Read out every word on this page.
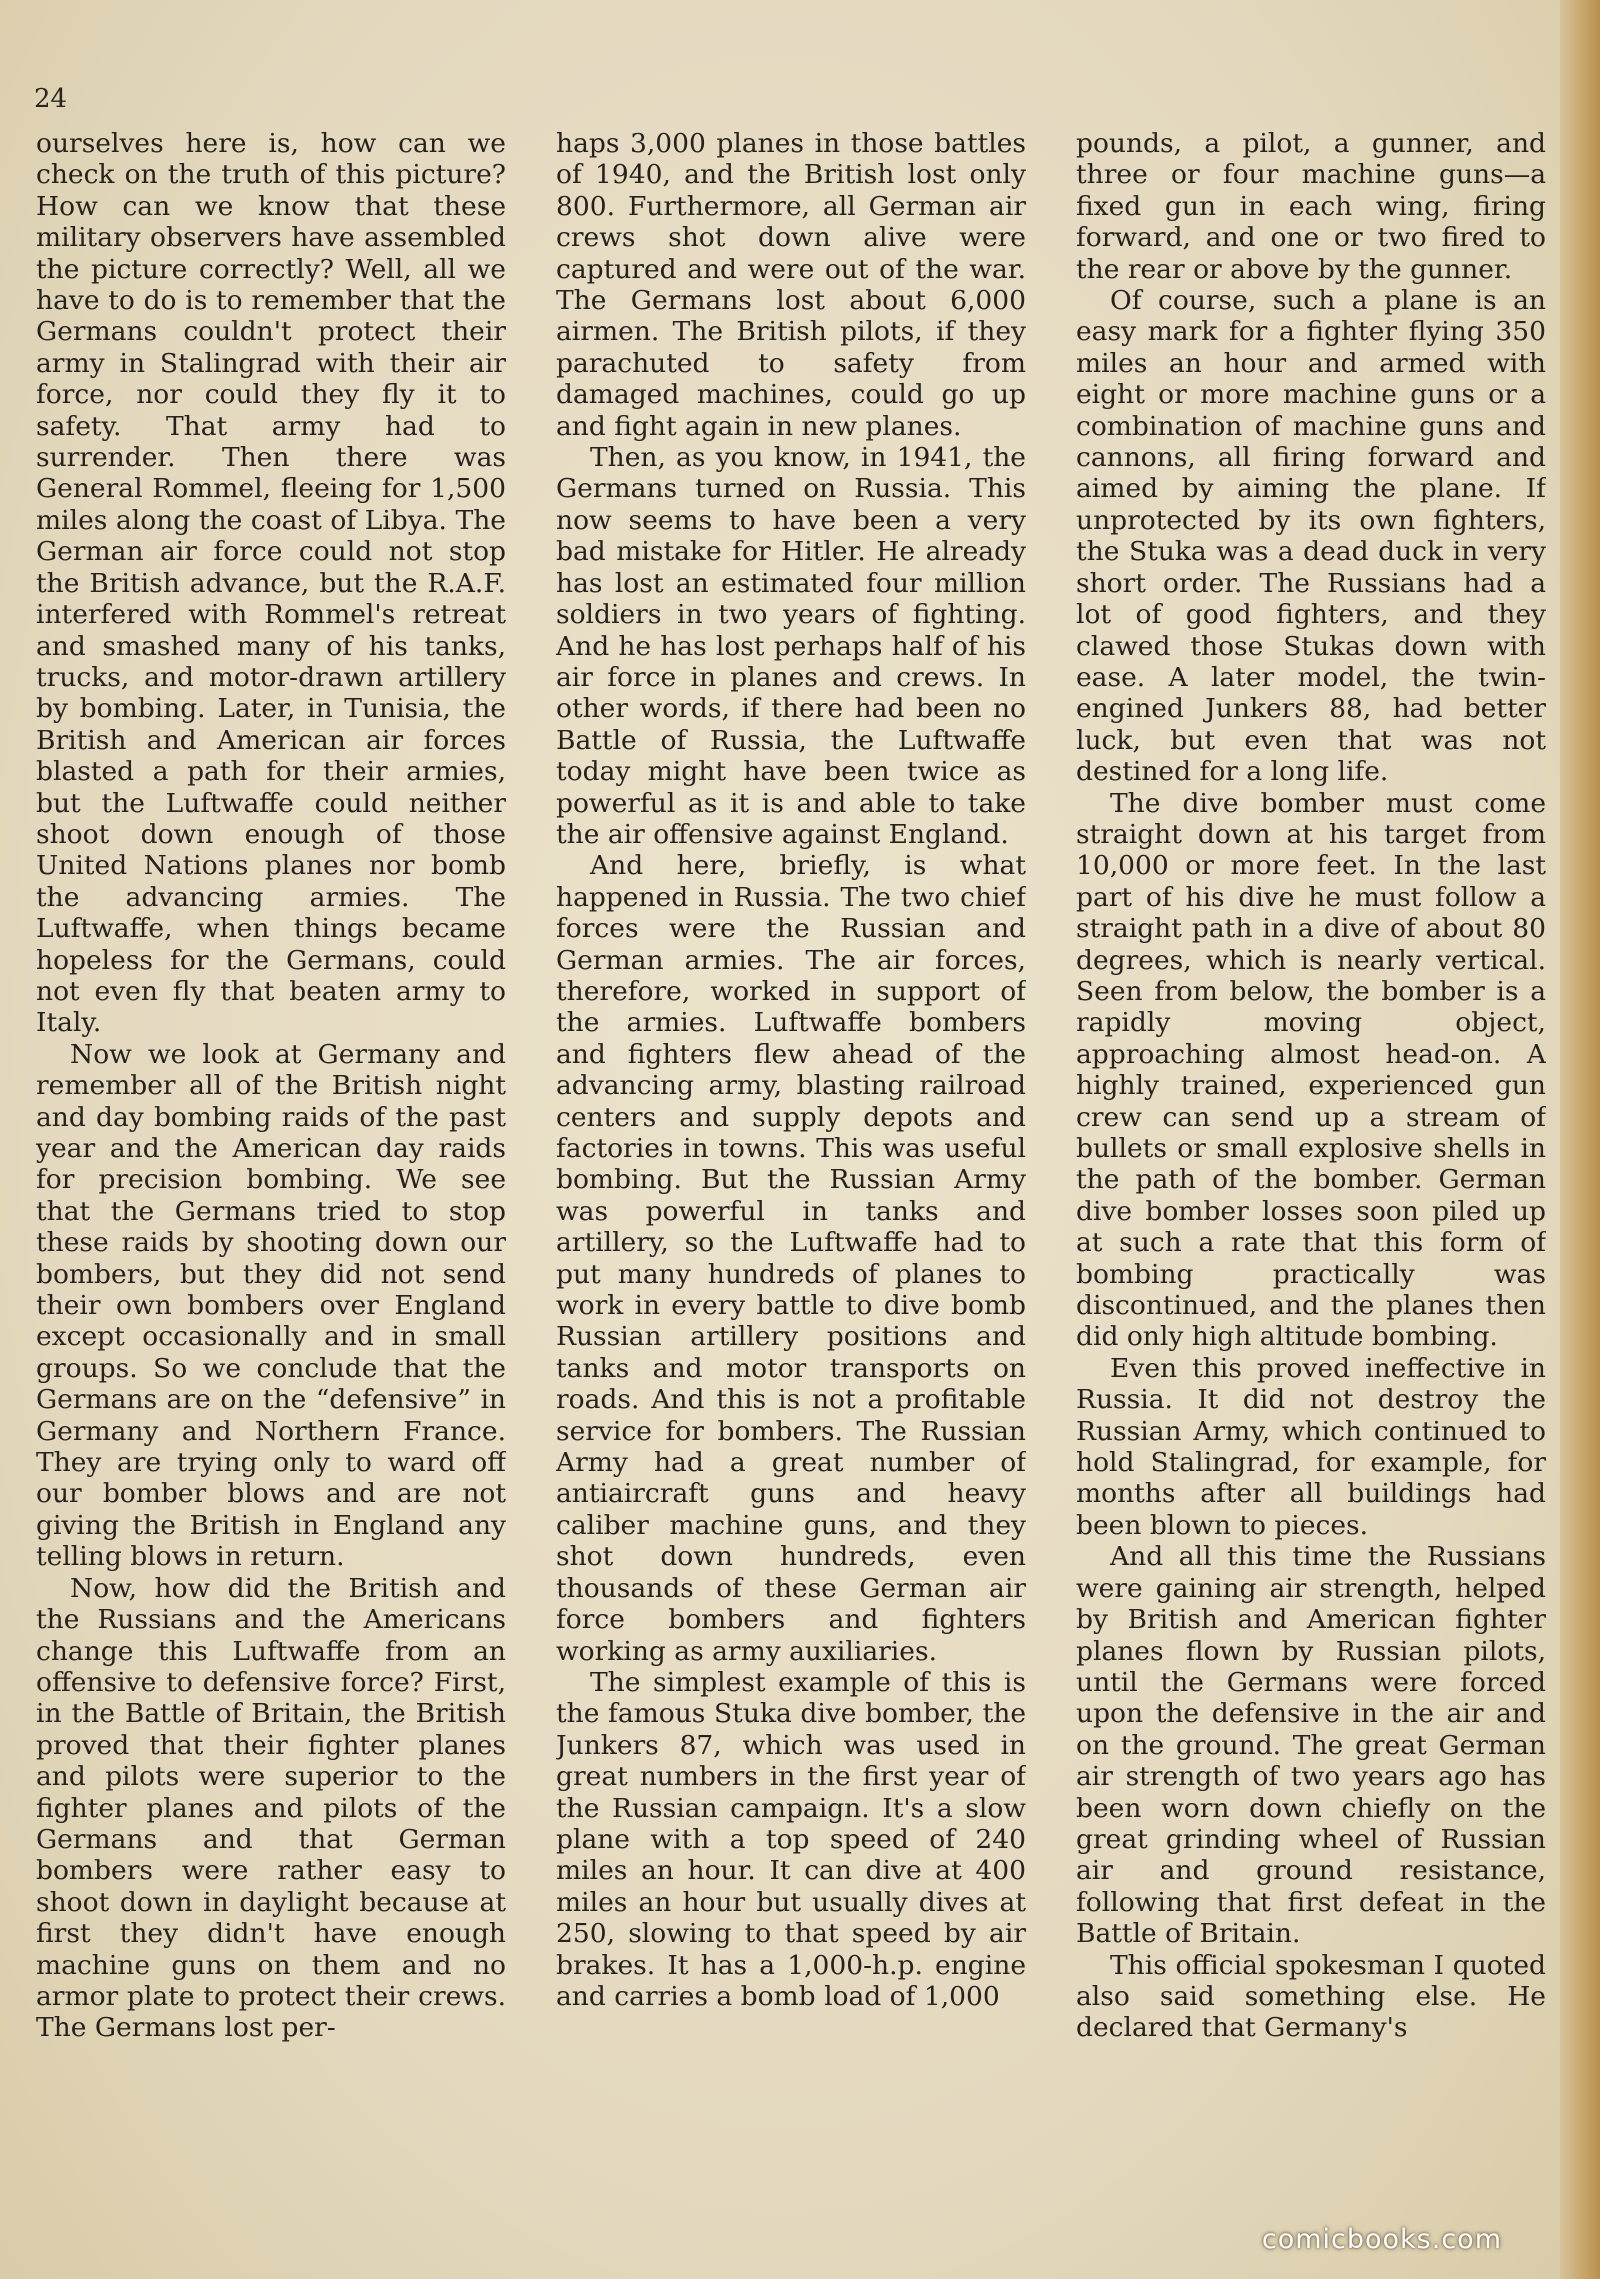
24

ourselves here is, how can we check on the truth of this picture? How can we know that these military observers have assembled the picture correctly? Well, all we have to do is to remember that the Germans couldn't protect their army in Stalingrad with their air force, nor could they fly it to safety. That army had to surrender. Then there was General Rommel, fleeing for 1,500 miles along the coast of Libya. The German air force could not stop the British advance, but the R.A.F. interfered with Rommel's retreat and smashed many of his tanks, trucks, and motor-drawn artillery by bombing. Later, in Tunisia, the British and American air forces blasted a path for their armies, but the Luftwaffe could neither shoot down enough of those United Nations planes nor bomb the advancing armies. The Luftwaffe, when things became hopeless for the Germans, could not even fly that beaten army to Italy.

Now we look at Germany and remember all of the British night and day bombing raids of the past year and the American day raids for precision bombing. We see that the Germans tried to stop these raids by shooting down our bombers, but they did not send their own bombers over England except occasionally and in small groups. So we conclude that the Germans are on the “defensive” in Germany and Northern France. They are trying only to ward off our bomber blows and are not giving the British in England any telling blows in return.

Now, how did the British and the Russians and the Americans change this Luftwaffe from an offensive to defensive force? First, in the Battle of Britain, the British proved that their fighter planes and pilots were superior to the fighter planes and pilots of the Germans and that German bombers were rather easy to shoot down in daylight because at first they didn't have enough machine guns on them and no armor plate to protect their crews. The Germans lost per-

haps 3,000 planes in those battles of 1940, and the British lost only 800. Furthermore, all German air crews shot down alive were captured and were out of the war. The Germans lost about 6,000 airmen. The British pilots, if they parachuted to safety from damaged machines, could go up and fight again in new planes.

Then, as you know, in 1941, the Germans turned on Russia. This now seems to have been a very bad mistake for Hitler. He already has lost an estimated four million soldiers in two years of fighting. And he has lost perhaps half of his air force in planes and crews. In other words, if there had been no Battle of Russia, the Luftwaffe today might have been twice as powerful as it is and able to take the air offensive against England.

And here, briefly, is what happened in Russia. The two chief forces were the Russian and German armies. The air forces, therefore, worked in support of the armies. Luftwaffe bombers and fighters flew ahead of the advancing army, blasting railroad centers and supply depots and factories in towns. This was useful bombing. But the Russian Army was powerful in tanks and artillery, so the Luftwaffe had to put many hundreds of planes to work in every battle to dive bomb Russian artillery positions and tanks and motor transports on roads. And this is not a profitable service for bombers. The Russian Army had a great number of antiaircraft guns and heavy caliber machine guns, and they shot down hundreds, even thousands of these German air force bombers and fighters working as army auxiliaries.

The simplest example of this is the famous Stuka dive bomber, the Junkers 87, which was used in great numbers in the first year of the Russian campaign. It's a slow plane with a top speed of 240 miles an hour. It can dive at 400 miles an hour but usually dives at 250, slowing to that speed by air brakes. It has a 1,000-h.p. engine and carries a bomb load of 1,000

pounds, a pilot, a gunner, and three or four machine guns—a fixed gun in each wing, firing forward, and one or two fired to the rear or above by the gunner.

Of course, such a plane is an easy mark for a fighter flying 350 miles an hour and armed with eight or more machine guns or a combination of machine guns and cannons, all firing forward and aimed by aiming the plane. If unprotected by its own fighters, the Stuka was a dead duck in very short order. The Russians had a lot of good fighters, and they clawed those Stukas down with ease. A later model, the twin-engined Junkers 88, had better luck, but even that was not destined for a long life.

The dive bomber must come straight down at his target from 10,000 or more feet. In the last part of his dive he must follow a straight path in a dive of about 80 degrees, which is nearly vertical. Seen from below, the bomber is a rapidly moving object, approaching almost head-on. A highly trained, experienced gun crew can send up a stream of bullets or small explosive shells in the path of the bomber. German dive bomber losses soon piled up at such a rate that this form of bombing practically was discontinued, and the planes then did only high altitude bombing.

Even this proved ineffective in Russia. It did not destroy the Russian Army, which continued to hold Stalingrad, for example, for months after all buildings had been blown to pieces.

And all this time the Russians were gaining air strength, helped by British and American fighter planes flown by Russian pilots, until the Germans were forced upon the defensive in the air and on the ground. The great German air strength of two years ago has been worn down chiefly on the great grinding wheel of Russian air and ground resistance, following that first defeat in the Battle of Britain.

This official spokesman I quoted also said something else. He declared that Germany's

comicbooks.com
